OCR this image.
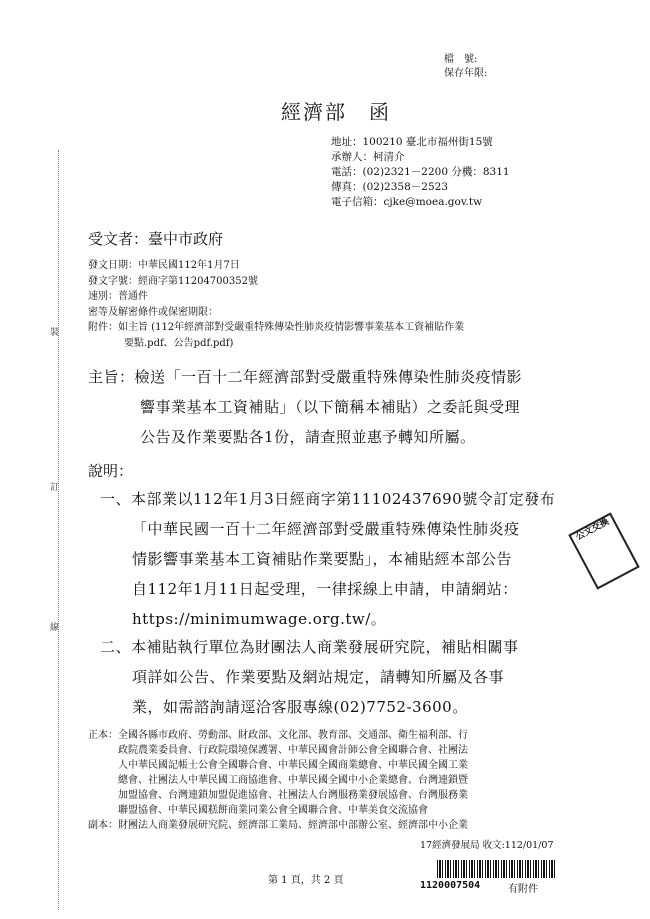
檔　號:
保存年限:
經濟部　函
地址：100210 臺北市福州街15號
承辦人：柯清介
電話：(02)2321－2200 分機：8311
傳真：(02)2358－2523
電子信箱：cjke@moea.gov.tw
受文者：臺中市政府
發文日期：中華民國112年1月7日
發文字號：經商字第11204700352號
速別：普通件
密等及解密條件或保密期限：
附件：如主旨 (112年經濟部對受嚴重特殊傳染性肺炎疫情影響事業基本工資補貼作業
要點.pdf、公告pdf.pdf)
主旨：檢送「一百十二年經濟部對受嚴重特殊傳染性肺炎疫情影
響事業基本工資補貼」（以下簡稱本補貼）之委託與受理
公告及作業要點各1份，請查照並惠予轉知所屬。
說明：
一、本部業以112年1月3日經商字第11102437690號令訂定發布
「中華民國一百十二年經濟部對受嚴重特殊傳染性肺炎疫
情影響事業基本工資補貼作業要點」，本補貼經本部公告
自112年1月11日起受理，一律採線上申請，申請網站：
https://minimumwage.org.tw/。
二、本補貼執行單位為財團法人商業發展研究院，補貼相關事
項詳如公告、作業要點及網站規定，請轉知所屬及各事
業，如需諮詢請逕洽客服專線(02)7752-3600。
正本：全國各縣市政府、勞動部、財政部、文化部、教育部、交通部、衛生福利部、行
政院農業委員會、行政院環境保護署、中華民國會計師公會全國聯合會、社團法
人中華民國記帳士公會全國聯合會、中華民國全國商業總會、中華民國全國工業
總會、社團法人中華民國工商協進會、中華民國全國中小企業總會、台灣連鎖暨
加盟協會、台灣連鎖加盟促進協會、社團法人台灣服務業發展協會、台灣服務業
聯盟協會、中華民國糕餅商業同業公會全國聯合會、中華美食交流協會
副本：財團法人商業發展研究院、經濟部工業局、經濟部中部辦公室、經濟部中小企業
17經濟發展局 收文:112/01/07
第 1 頁，共 2 頁	1120007504	有附件
裝
訂
線
公文交換
